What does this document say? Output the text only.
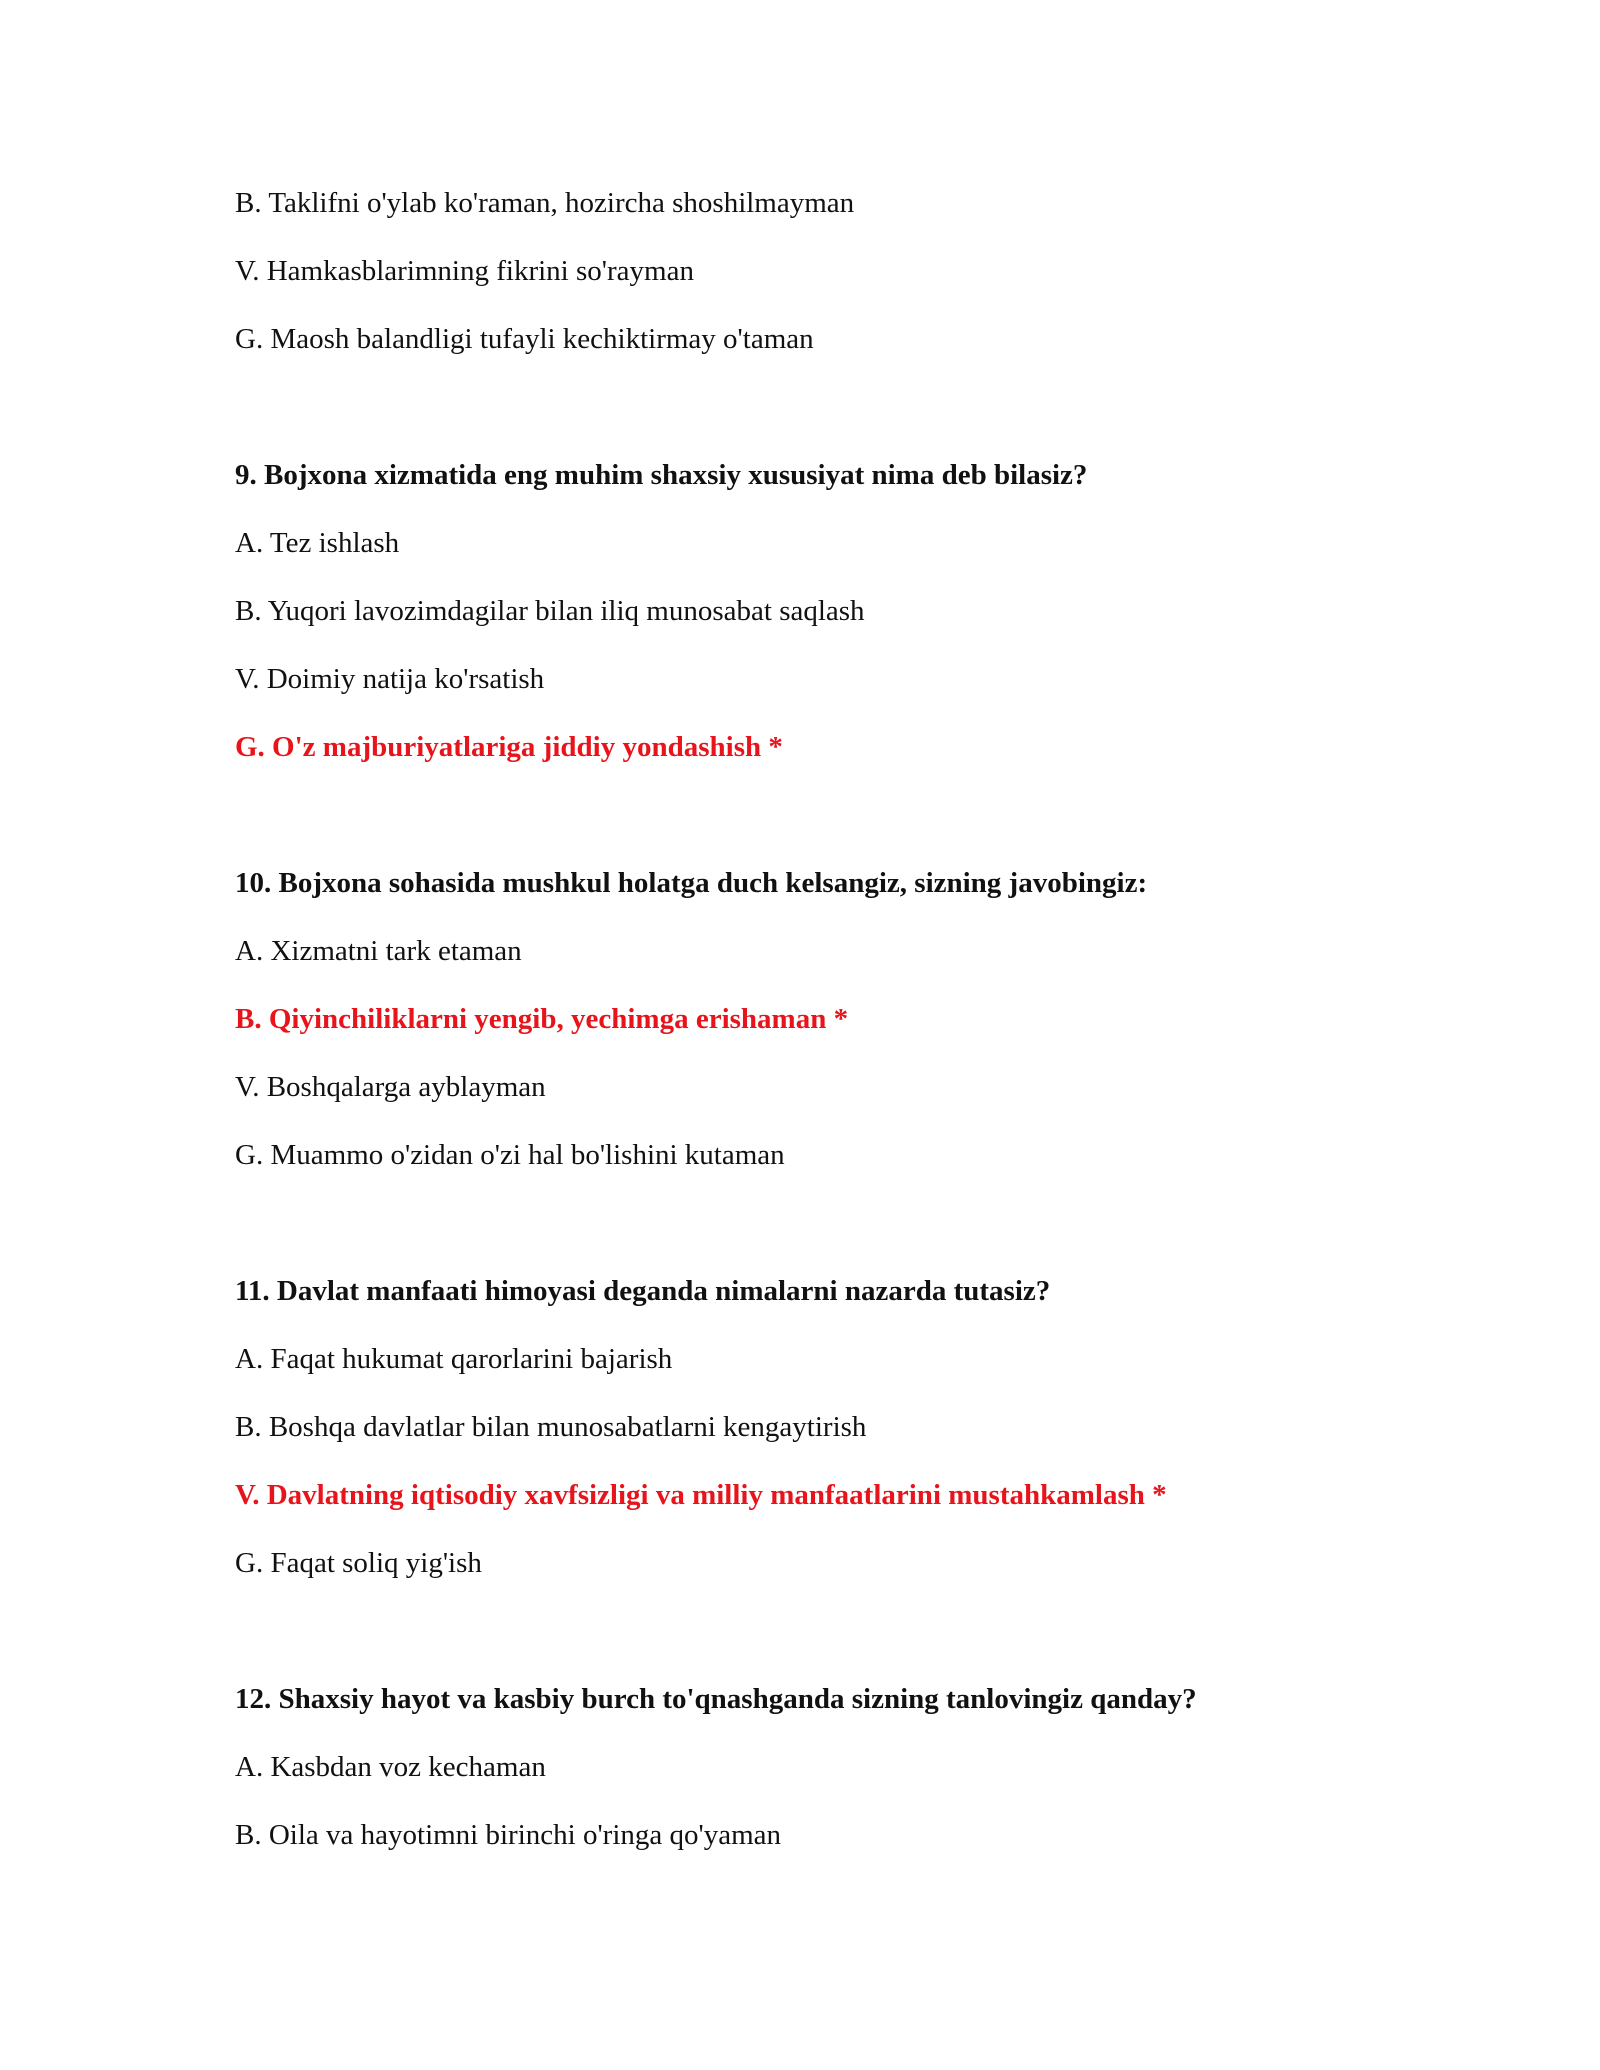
B. Taklifni o'ylab ko'raman, hozircha shoshilmayman
V. Hamkasblarimning fikrini so'rayman
G. Maosh balandligi tufayli kechiktirmay o'taman
9. Bojxona xizmatida eng muhim shaxsiy xususiyat nima deb bilasiz?
A. Tez ishlash
B. Yuqori lavozimdagilar bilan iliq munosabat saqlash
V. Doimiy natija ko'rsatish
G. O'z majburiyatlariga jiddiy yondashish *
10. Bojxona sohasida mushkul holatga duch kelsangiz, sizning javobingiz:
A. Xizmatni tark etaman
B. Qiyinchiliklarni yengib, yechimga erishaman *
V. Boshqalarga ayblayman
G. Muammo o'zidan o'zi hal bo'lishini kutaman
11. Davlat manfaati himoyasi deganda nimalarni nazarda tutasiz?
A. Faqat hukumat qarorlarini bajarish
B. Boshqa davlatlar bilan munosabatlarni kengaytirish
V. Davlatning iqtisodiy xavfsizligi va milliy manfaatlarini mustahkamlash *
G. Faqat soliq yig'ish
12. Shaxsiy hayot va kasbiy burch to'qnashganda sizning tanlovingiz qanday?
A. Kasbdan voz kechaman
B. Oila va hayotimni birinchi o'ringa qo'yaman
